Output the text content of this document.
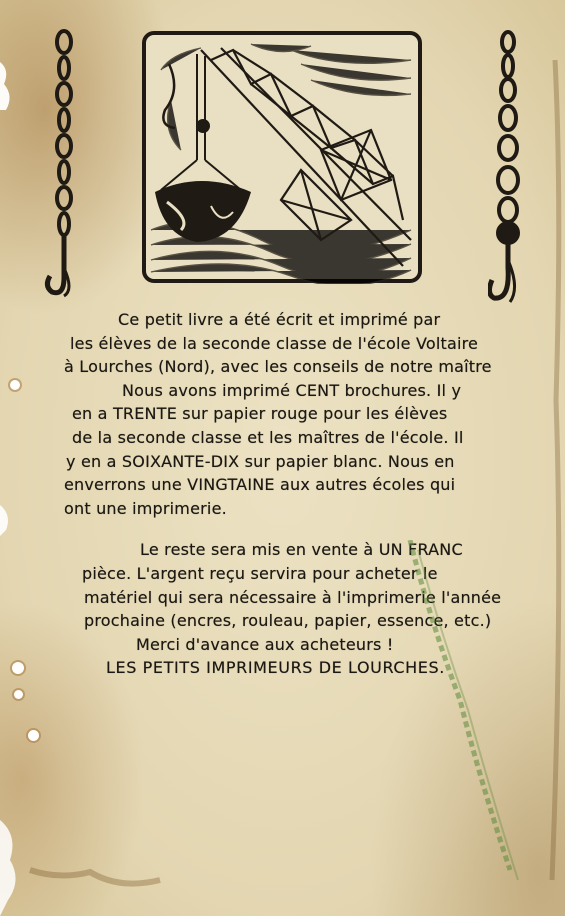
Ce petit livre a été écrit et imprimé par
les élèves de la seconde classe de l'école Voltaire
à Lourches (Nord), avec les conseils de notre maître
Nous avons imprimé CENT brochures. Il y
en a TRENTE sur papier rouge pour les élèves
de la seconde classe et les maîtres de l'école. Il
y en a SOIXANTE-DIX sur papier blanc. Nous en
enverrons une VINGTAINE aux autres écoles qui
ont une imprimerie.
Le reste sera mis en vente à UN FRANC
pièce. L'argent reçu servira pour acheter le
matériel qui sera nécessaire à l'imprimerie l'année
prochaine (encres, rouleau, papier, essence, etc.)
Merci d'avance aux acheteurs !
LES PETITS IMPRIMEURS DE LOURCHES.
